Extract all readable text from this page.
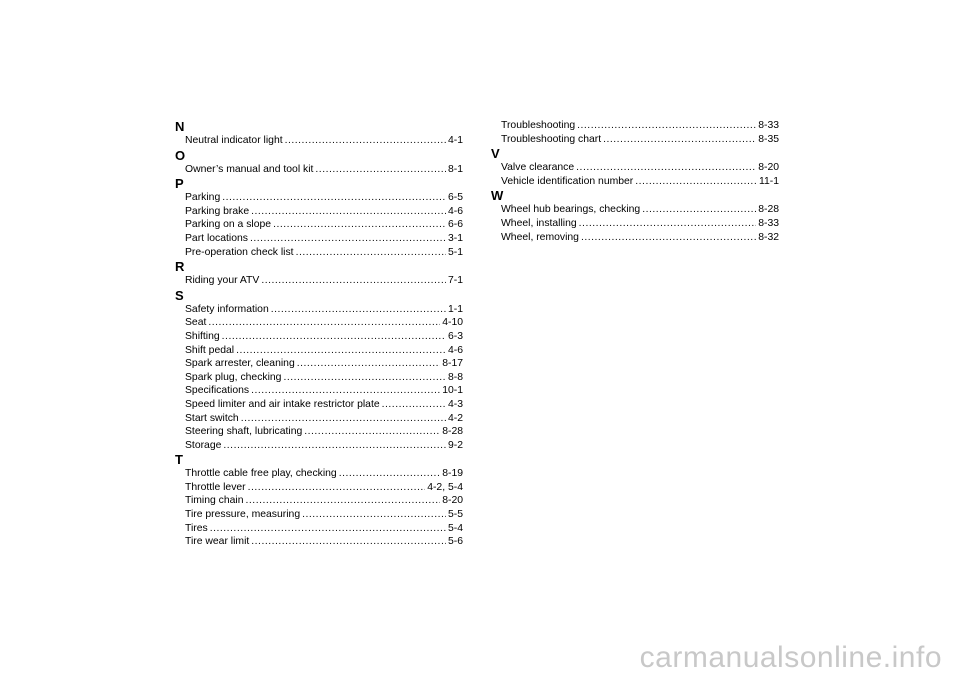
N
Neutral indicator light .....	4-1
O
Owner’s manual and tool kit .....	8-1
P
Parking .....	6-5
Parking brake .....	4-6
Parking on a slope .....	6-6
Part locations .....	3-1
Pre-operation check list .....	5-1
R
Riding your ATV .....	7-1
S
Safety information .....	1-1
Seat .....	4-10
Shifting .....	6-3
Shift pedal .....	4-6
Spark arrester, cleaning .....	8-17
Spark plug, checking .....	8-8
Specifications .....	10-1
Speed limiter and air intake restrictor plate .....	4-3
Start switch .....	4-2
Steering shaft, lubricating .....	8-28
Storage .....	9-2
T
Throttle cable free play, checking .....	8-19
Throttle lever .....	4-2, 5-4
Timing chain .....	8-20
Tire pressure, measuring .....	5-5
Tires .....	5-4
Tire wear limit .....	5-6
Troubleshooting .....	8-33
Troubleshooting chart .....	8-35
V
Valve clearance .....	8-20
Vehicle identification number .....	11-1
W
Wheel hub bearings, checking .....	8-28
Wheel, installing .....	8-33
Wheel, removing .....	8-32
carmanualsonline.info
